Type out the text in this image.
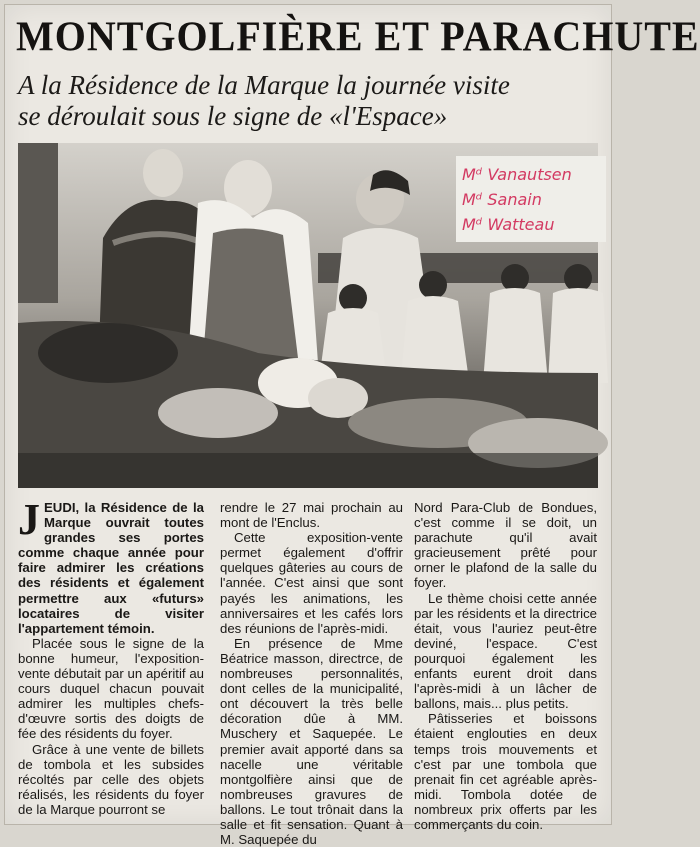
MONTGOLFIÈRE ET PARACHUTE
A la Résidence de la Marque la journée visite
se déroulait sous le signe de «l'Espace»
Mᵈ Vanautsen
Mᵈ Sanain
Mᵈ Watteau

JEUDI, la Résidence de la Marque ouvrait toutes grandes ses portes comme chaque année pour faire admirer les créations des résidents et également permettre aux «futurs» locataires de visiter l'appartement témoin.

Placée sous le signe de la bonne humeur, l'exposition-vente débutait par un apéritif au cours duquel chacun pouvait admirer les multiples chefs-d'œuvre sortis des doigts de fée des résidents du foyer.

Grâce à une vente de billets de tombola et les subsides récoltés par celle des objets réalisés, les résidents du foyer de la Marque pourront se

rendre le 27 mai prochain au mont de l'Enclus.

Cette exposition-vente permet également d'offrir quelques gâteries au cours de l'année. C'est ainsi que sont payés les animations, les anniversaires et les cafés lors des réunions de l'après-midi.

En présence de Mme Béatrice masson, directrce, de nombreuses personnalités, dont celles de la municipalité, ont découvert la très belle décoration dûe à MM. Muschery et Saquepée. Le premier avait apporté dans sa nacelle une véritable montgolfière ainsi que de nombreuses gravures de ballons. Le tout trônait dans la salle et fit sensation. Quant à M. Saquepée du

Nord Para-Club de Bondues, c'est comme il se doit, un parachute qu'il avait gracieusement prêté pour orner le plafond de la salle du foyer.

Le thème choisi cette année par les résidents et la directrice était, vous l'auriez peut-être deviné, l'espace. C'est pourquoi également les enfants eurent droit dans l'après-midi à un lâcher de ballons, mais... plus petits.

Pâtisseries et boissons étaient englouties en deux temps trois mouvements et c'est par une tombola que prenait fin cet agréable après-midi. Tombola dotée de nombreux prix offerts par les commerçants du coin.
